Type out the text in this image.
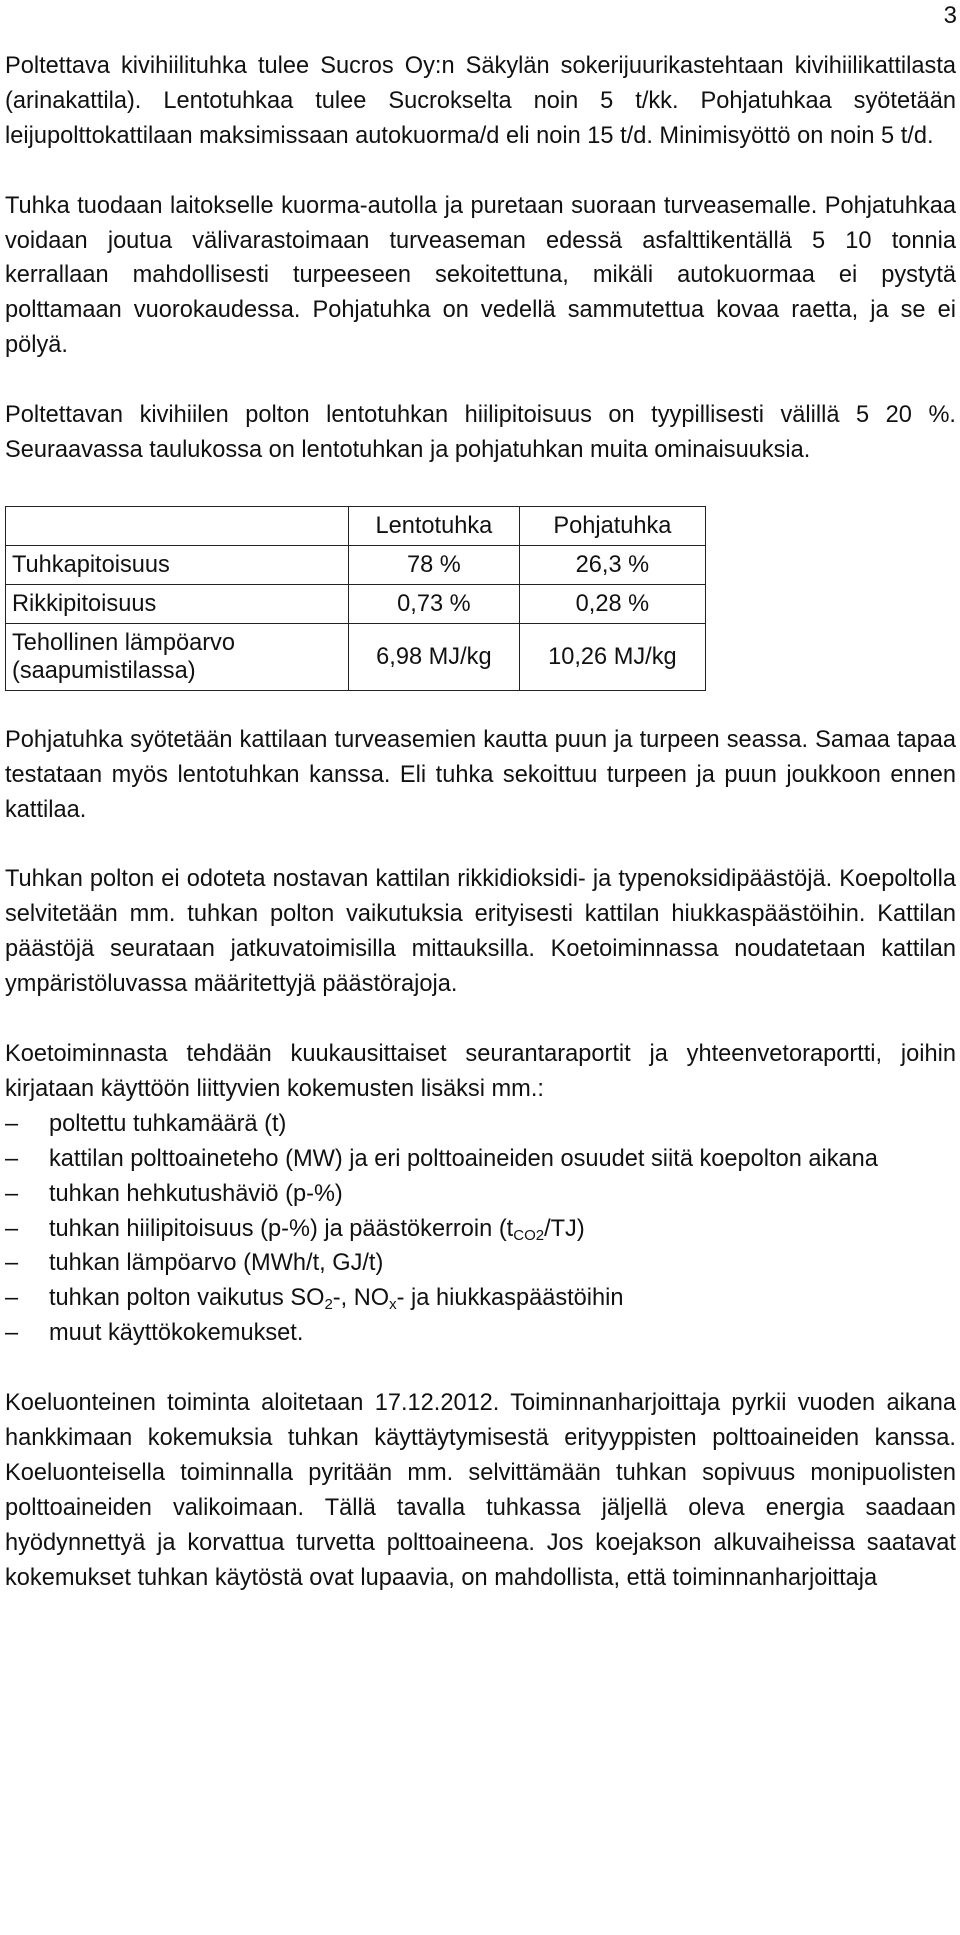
3

Poltettava kivihiilituhka tulee Sucros Oy:n Säkylän sokerijuurikastehtaan kivihiilikattilasta (arinakattila). Lentotuhkaa tulee Sucrokselta noin 5 t/kk. Pohjatuhkaa syötetään leijupolttokattilaan maksimissaan autokuorma/d eli noin 15 t/d. Minimisyöttö on noin 5 t/d.

Tuhka tuodaan laitokselle kuorma-autolla ja puretaan suoraan turveasemalle. Pohjatuhkaa voidaan joutua välivarastoimaan turveaseman edessä asfalttikentällä 5 10 tonnia kerrallaan mahdollisesti turpeeseen sekoitettuna, mikäli autokuormaa ei pystytä polttamaan vuorokaudessa. Pohjatuhka on vedellä sammutettua kovaa raetta, ja se ei pölyä.

Poltettavan kivihiilen polton lentotuhkan hiilipitoisuus on tyypillisesti välillä 5 20 %. Seuraavassa taulukossa on lentotuhkan ja pohjatuhkan muita ominaisuuksia.

	Lentotuhka	Pohjatuhka
Tuhkapitoisuus	78 %	26,3 %
Rikkipitoisuus	0,73 %	0,28 %
Tehollinen lämpöarvo
(saapumistilassa)	6,98 MJ/kg	10,26 MJ/kg

Pohjatuhka syötetään kattilaan turveasemien kautta puun ja turpeen seassa. Samaa tapaa testataan myös lentotuhkan kanssa. Eli tuhka sekoittuu turpeen ja puun joukkoon ennen kattilaa.

Tuhkan polton ei odoteta nostavan kattilan rikkidioksidi- ja typenoksidipäästöjä. Koepoltolla selvitetään mm. tuhkan polton vaikutuksia erityisesti kattilan hiukkaspäästöihin. Kattilan päästöjä seurataan jatkuvatoimisilla mittauksilla. Koetoiminnassa noudatetaan kattilan ympäristöluvassa määritettyjä päästörajoja.

Koetoiminnasta tehdään kuukausittaiset seurantaraportit ja yhteenvetoraportti, joihin kirjataan käyttöön liittyvien kokemusten lisäksi mm.:

– poltettu tuhkamäärä (t)
– kattilan polttoaineteho (MW) ja eri polttoaineiden osuudet siitä koepolton aikana
– tuhkan hehkutushäviö (p-%)
– tuhkan hiilipitoisuus (p-%) ja päästökerroin $(t_{CO2}/TJ)$
– tuhkan lämpöarvo (MWh/t, GJ/t)
– tuhkan polton vaikutus $SO_2-$, $NO_x-$ ja hiukkaspäästöihin
– muut käyttökokemukset.

Koeluonteinen toiminta aloitetaan 17.12.2012. Toiminnanharjoittaja pyrkii vuoden aikana hankkimaan kokemuksia tuhkan käyttäytymisestä erityyppisten polttoaineiden kanssa. Koeluonteisella toiminnalla pyritään mm. selvittämään tuhkan sopivuus monipuolisten polttoaineiden valikoimaan. Tällä tavalla tuhkassa jäljellä oleva energia saadaan hyödynnettyä ja korvattua turvetta polttoaineena. Jos koejakson alkuvaiheissa saatavat kokemukset tuhkan käytöstä ovat lupaavia, on mahdollista, että toiminnanharjoittaja
